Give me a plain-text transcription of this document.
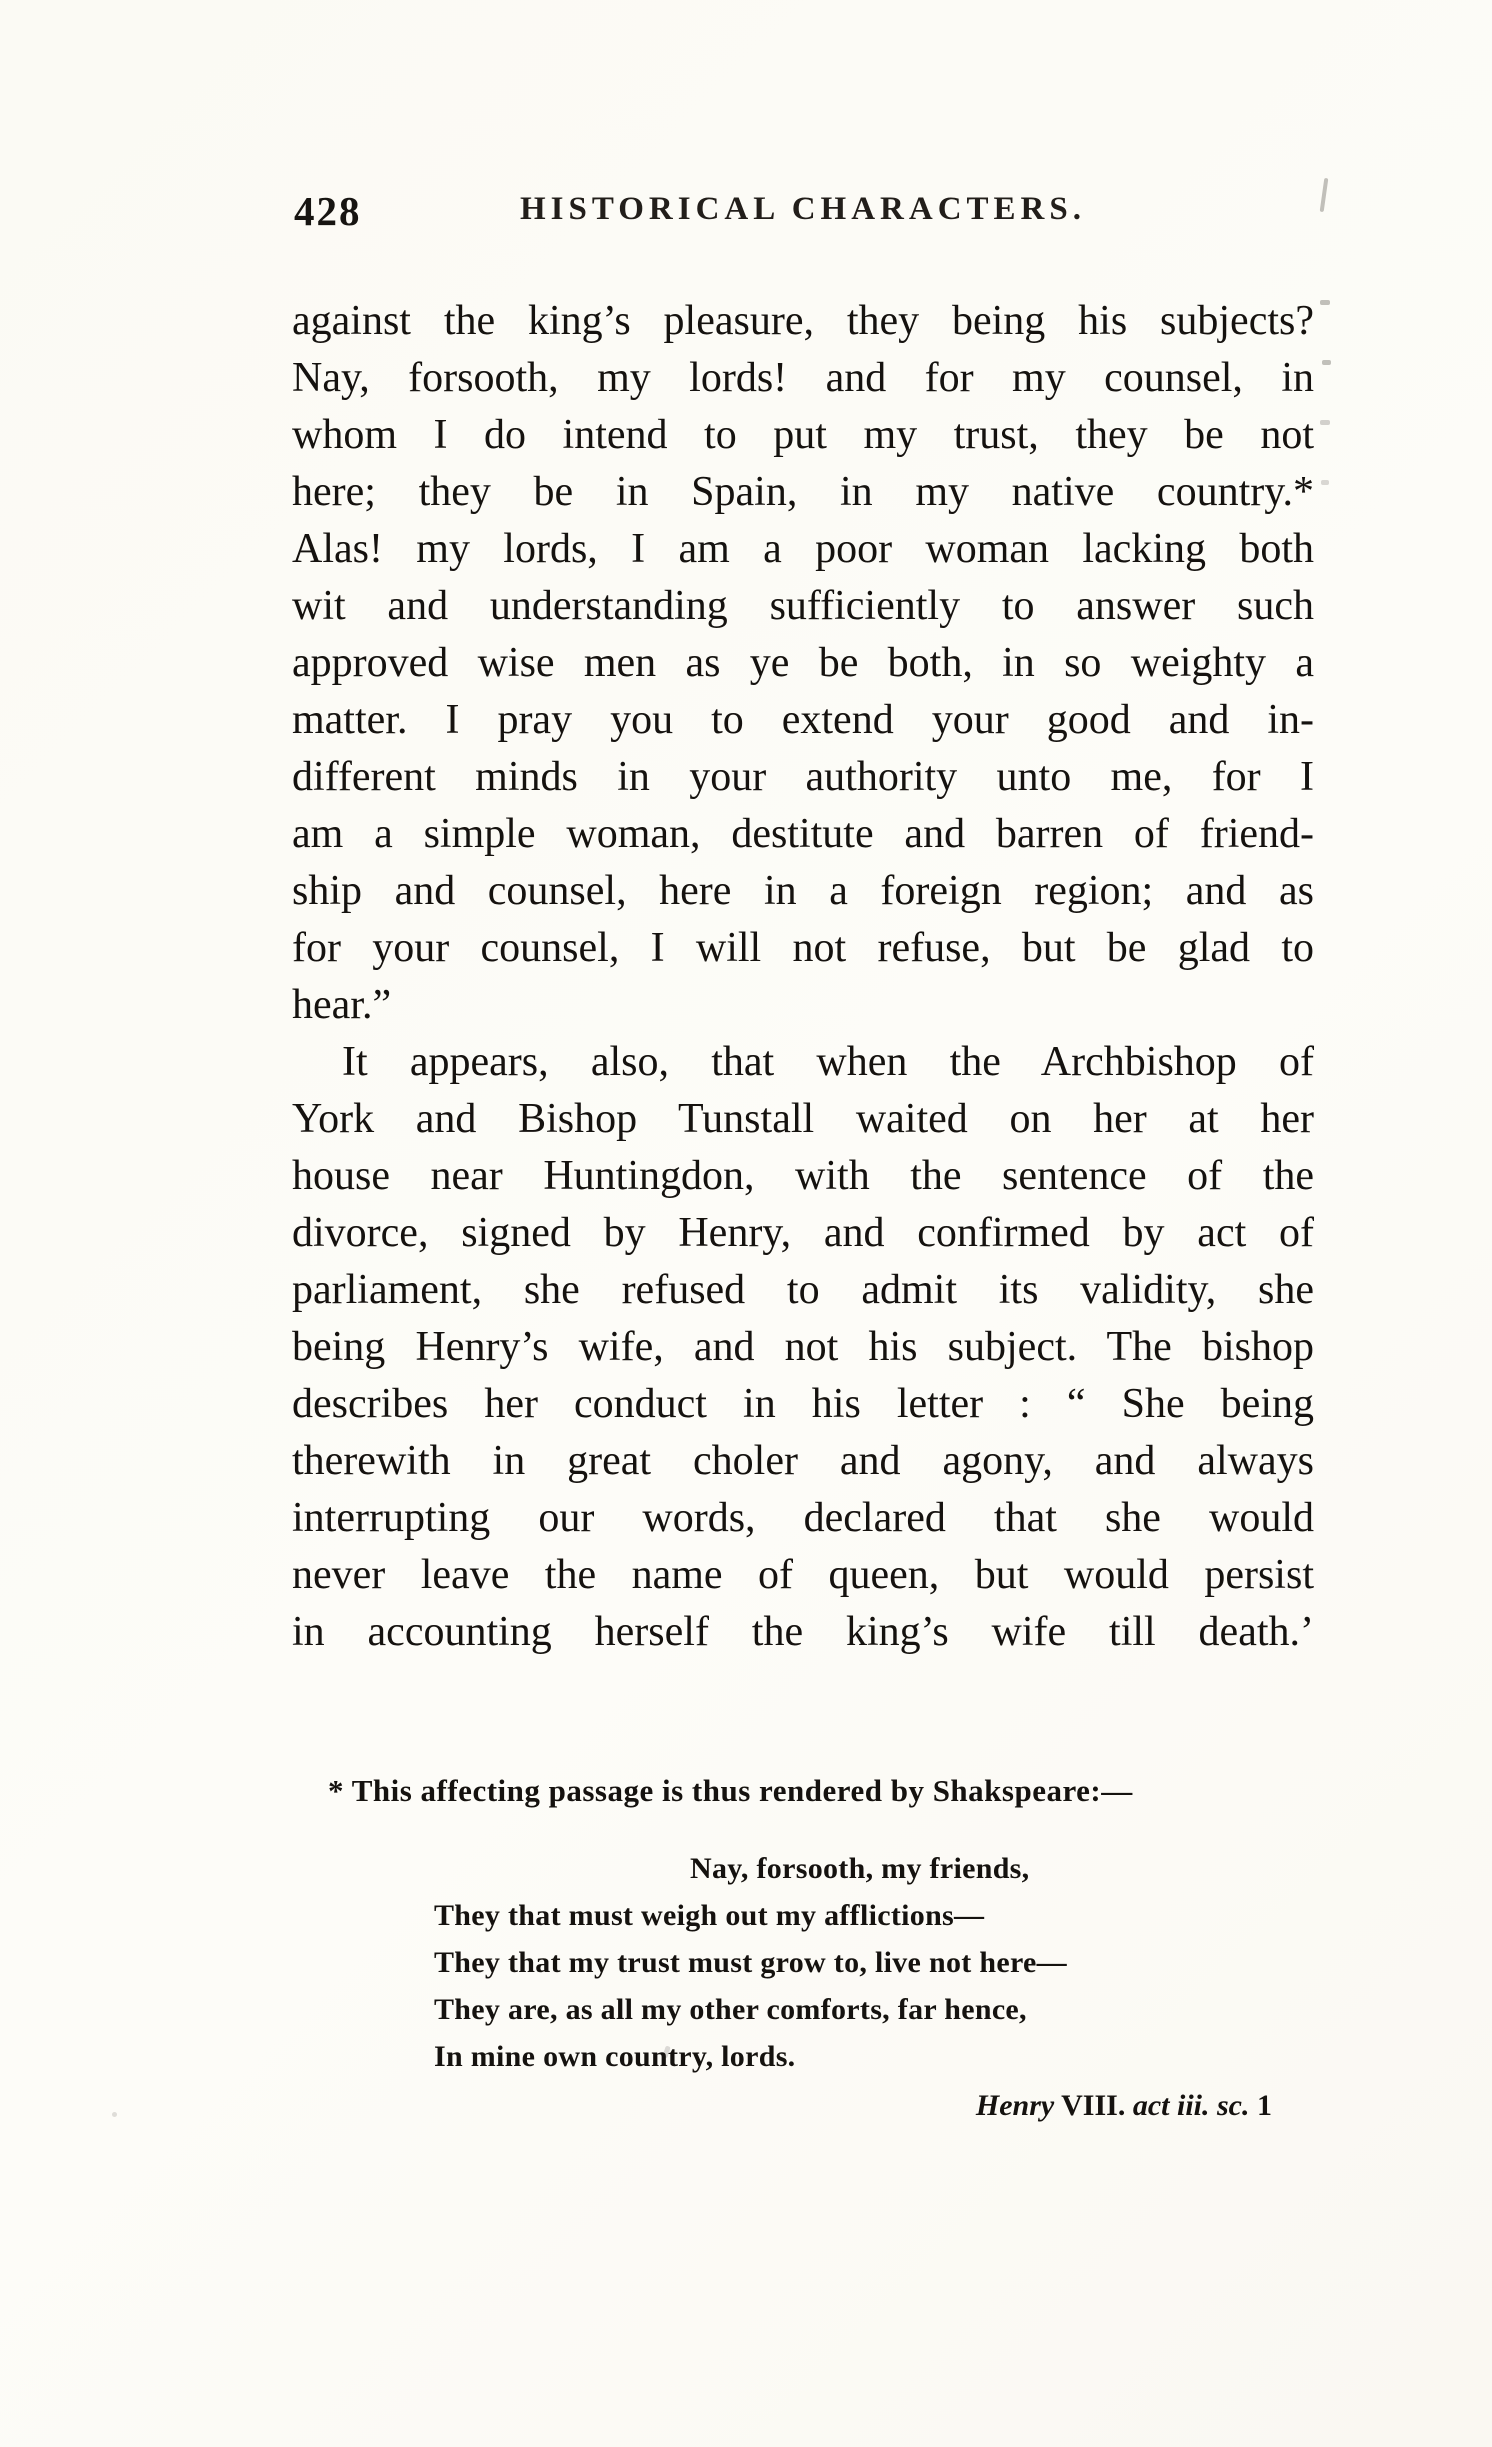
428	HISTORICAL CHARACTERS.
against the king’s pleasure, they being his subjects?
Nay, forsooth, my lords! and for my counsel, in
whom I do intend to put my trust, they be not
here; they be in Spain, in my native country.*
Alas! my lords, I am a poor woman lacking both
wit and understanding sufficiently to answer such
approved wise men as ye be both, in so weighty a
matter. I pray you to extend your good and in-
different minds in your authority unto me, for I
am a simple woman, destitute and barren of friend-
ship and counsel, here in a foreign region; and as
for your counsel, I will not refuse, but be glad to
hear.”
It appears, also, that when the Archbishop of
York and Bishop Tunstall waited on her at her
house near Huntingdon, with the sentence of the
divorce, signed by Henry, and confirmed by act of
parliament, she refused to admit its validity, she
being Henry’s wife, and not his subject. The bishop
describes her conduct in his letter : “ She being
therewith in great choler and agony, and always
interrupting our words, declared that she would
never leave the name of queen, but would persist
in accounting herself the king’s wife till death.’
* This affecting passage is thus rendered by Shakspeare:—
Nay, forsooth, my friends,
They that must weigh out my afflictions—
They that my trust must grow to, live not here—
They are, as all my other comforts, far hence,
In mine own country, lords.
Henry VIII. act iii. sc. 1
